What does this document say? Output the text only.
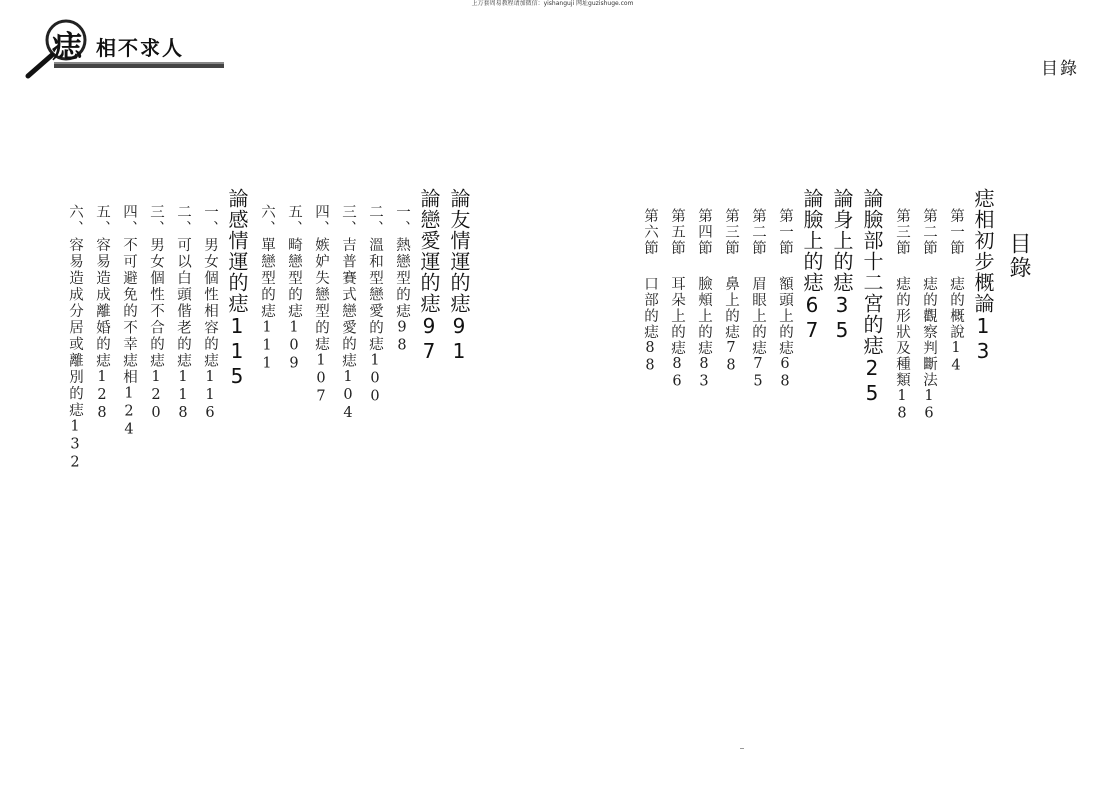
上万套周易教程请加微信：yishanguji 网址guzishuge.com
痣 相不求人
目錄
目錄
痣相初步概論13
第一節痣的概說14
第二節痣的觀察判斷法16
第三節痣的形狀及種類18
論臉部十二宮的痣25
論身上的痣35
論臉上的痣67
第一節額頭上的痣68
第二節眉眼上的痣75
第三節鼻上的痣78
第四節臉頰上的痣83
第五節耳朵上的痣86
第六節口部的痣88
論友情運的痣91
論戀愛運的痣97
一、熱戀型的痣98
二、溫和型戀愛的痣100
三、吉普賽式戀愛的痣104
四、嫉妒失戀型的痣107
五、畸戀型的痣109
六、單戀型的痣111
論感情運的痣115
一、男女個性相容的痣116
二、可以白頭偕老的痣118
三、男女個性不合的痣120
四、不可避免的不幸痣相124
五、容易造成離婚的痣128
六、容易造成分居或離別的痣132
